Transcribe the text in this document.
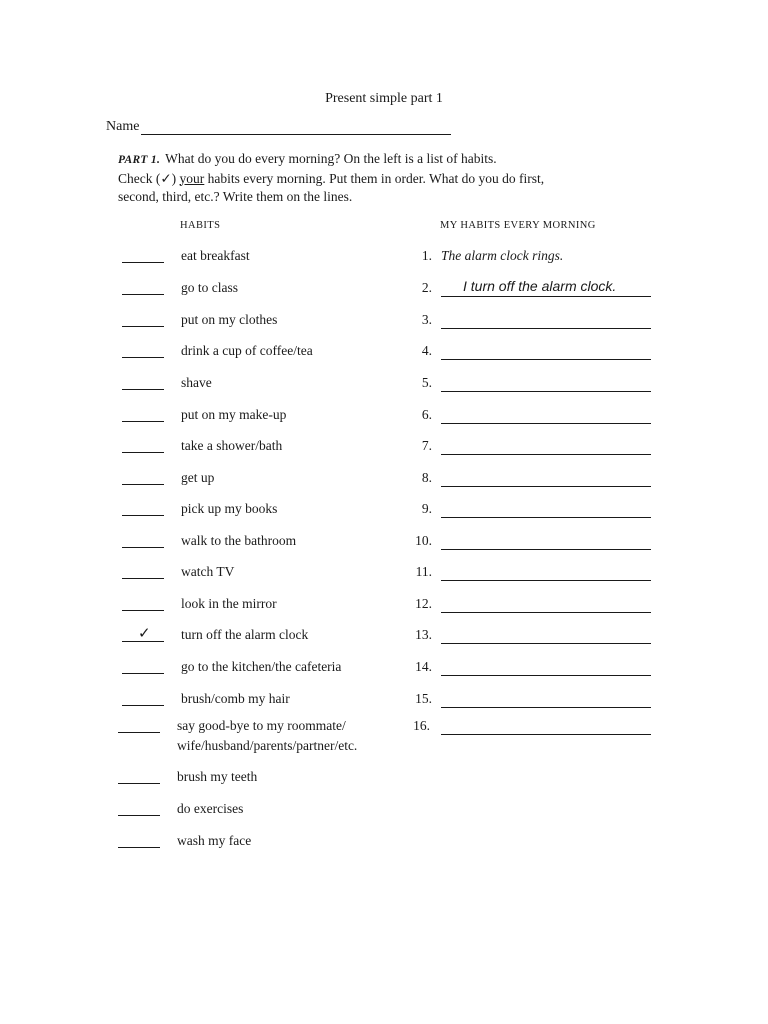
Present simple part 1
Name
PART 1. What do you do every morning? On the left is a list of habits.
Check (✓) your habits every morning. Put them in order. What do you do first,
second, third, etc.? Write them on the lines.
HABITS	MY HABITS EVERY MORNING
eat breakfast
go to class
put on my clothes
drink a cup of coffee/tea
shave
put on my make-up
take a shower/bath
get up
pick up my books
walk to the bathroom
watch TV
look in the mirror
✓ turn off the alarm clock
go to the kitchen/the cafeteria
brush/comb my hair
say good-bye to my roommate/
wife/husband/parents/partner/etc.
brush my teeth
do exercises
wash my face
1. The alarm clock rings.
2. I turn off the alarm clock.
3.
4.
5.
6.
7.
8.
9.
10.
11.
12.
13.
14.
15.
16.
